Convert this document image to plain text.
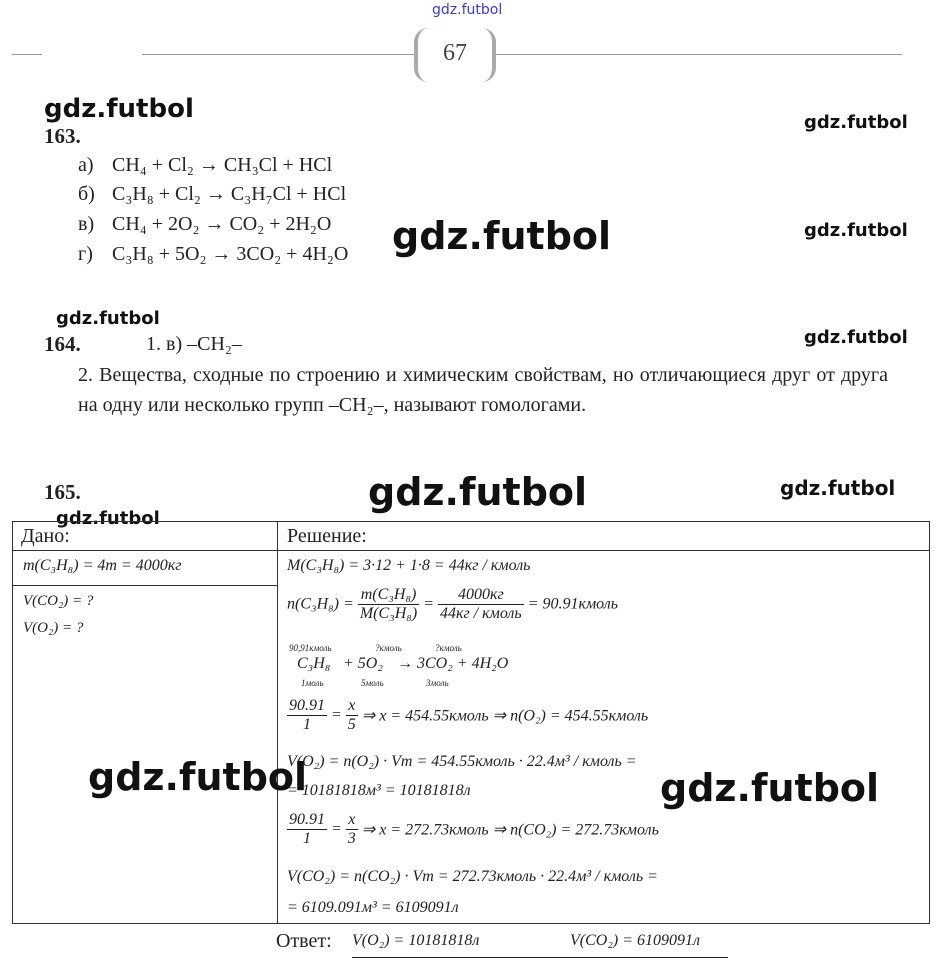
gdz.futbol
67
gdz.futbol	gdz.futbol
gdz.futbol
gdz.futbol
gdz.futbol
gdz.futbol
gdz.futbol	gdz.futbol
gdz.futbol
163.
а) CH₄ + Cl₂ → CH₃Cl + HCl
б) C₃H₈ + Cl₂ → C₃H₇Cl + HCl
в) CH₄ + 2O₂ → CO₂ + 2H₂O
г) C₃H₈ + 5O₂ → 3CO₂ + 4H₂O
164.	1. в) –CH₂–
2. Вещества, сходные по строению и химическим свойствам, но отличающиеся друг от друга на одну или несколько групп –CH₂–, называют гомологами.
165.
Дано:	Решение:
m(C₃H₈) = 4т = 4000кг
V(CO₂) = ?
V(O₂) = ?
M(C₃H₈) = 3·12 + 1·8 = 44кг / кмоль
$n(C_3H_8) = \frac{\text{m(C₃H₈)}}{\text{M(C₃H₈)}} = \frac{4000кг}{\text{44кг / кмоль}}$ = 90.91кмоль
90,91кмоль	?кмоль	?кмоль
C₃H₈ + 5O₂ → 3CO₂ + 4H₂O
1моль	5моль	3моль
$\frac{90.91}{1} = \frac{x}{5}$ ⇒ x = 454.55кмоль ⇒ n(O₂) = 454.55кмоль
V(O₂) = n(O₂) · Vm = 454.55кмоль · 22.4м³ / кмоль =
= 10181818м³ = 10181818л
$\frac{90.91}{1} = \frac{x}{3}$ ⇒ x = 272.73кмоль ⇒ n(CO₂) = 272.73кмоль
V(CO₂) = n(CO₂) · Vm = 272.73кмоль · 22.4м³ / кмоль =
= 6109.091м³ = 6109091л
gdz.futbol	gdz.futbol
Ответ: V(O₂) = 10181818л	V(CO₂) = 6109091л
